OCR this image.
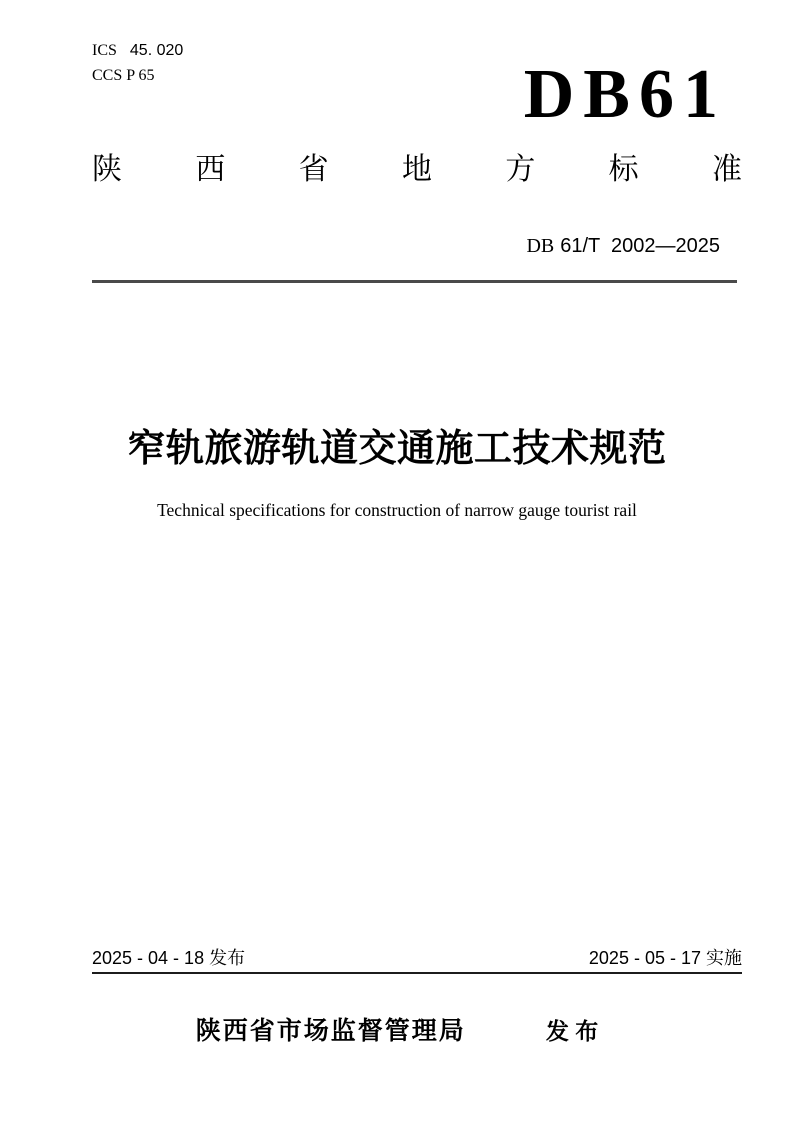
ICS 45. 020
CCS P 65	DB61
陕 西 省 地 方 标 准

DB 61/T  2002—2025

窄轨旅游轨道交通施工技术规范
Technical specifications for construction of narrow gauge tourist rail
2025 - 04 - 18 发布	2025 - 05 - 17 实施
陕西省市场监督管理局	发 布
